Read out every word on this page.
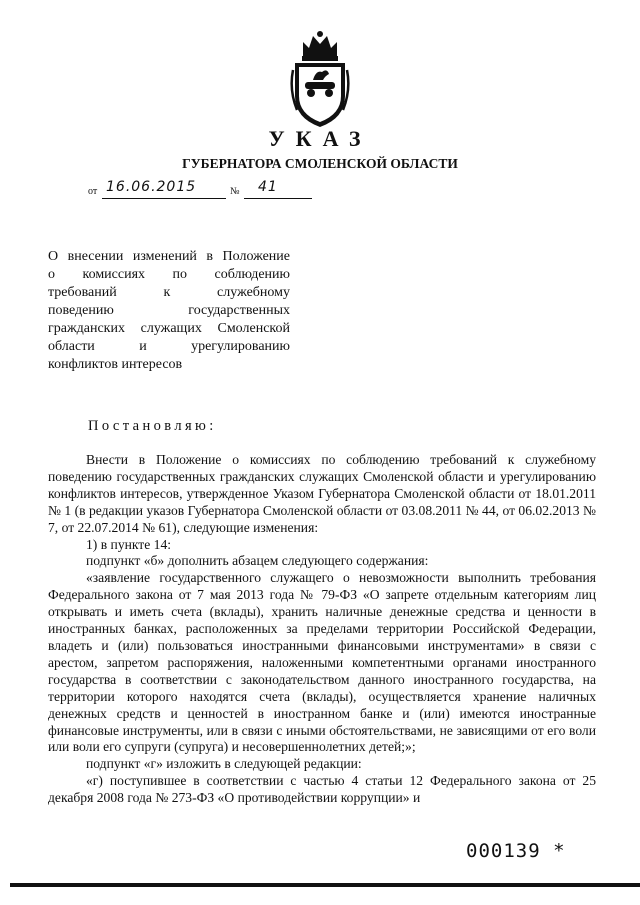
УКАЗ
ГУБЕРНАТОРА СМОЛЕНСКОЙ ОБЛАСТИ
от 16.06.2015	№ 41
О внесении изменений в Положение
о комиссиях по соблюдению
требований к служебному
поведению государственных
гражданских служащих Смоленской
области и урегулированию
конфликтов интересов
Постановляю:

Внести в Положение о комиссиях по соблюдению требований к служебному поведению государственных гражданских служащих Смоленской области и урегулированию конфликтов интересов, утвержденное Указом Губернатора Смоленской области от 18.01.2011 № 1 (в редакции указов Губернатора Смоленской области от 03.08.2011 № 44, от 06.02.2013 № 7, от 22.07.2014 № 61), следующие изменения:

1) в пункте 14:

подпункт «б» дополнить абзацем следующего содержания:

«заявление государственного служащего о невозможности выполнить требования Федерального закона от 7 мая 2013 года № 79-ФЗ «О запрете отдельным категориям лиц открывать и иметь счета (вклады), хранить наличные денежные средства и ценности в иностранных банках, расположенных за пределами территории Российской Федерации, владеть и (или) пользоваться иностранными финансовыми инструментами» в связи с арестом, запретом распоряжения, наложенными компетентными органами иностранного государства в соответствии с законодательством данного иностранного государства, на территории которого находятся счета (вклады), осуществляется хранение наличных денежных средств и ценностей в иностранном банке и (или) имеются иностранные финансовые инструменты, или в связи с иными обстоятельствами, не зависящими от его воли или воли его супруги (супруга) и несовершеннолетних детей;»;

подпункт «г» изложить в следующей редакции:

«г) поступившее в соответствии с частью 4 статьи 12 Федерального закона от 25 декабря 2008 года № 273-ФЗ «О противодействии коррупции» и

000139 *
